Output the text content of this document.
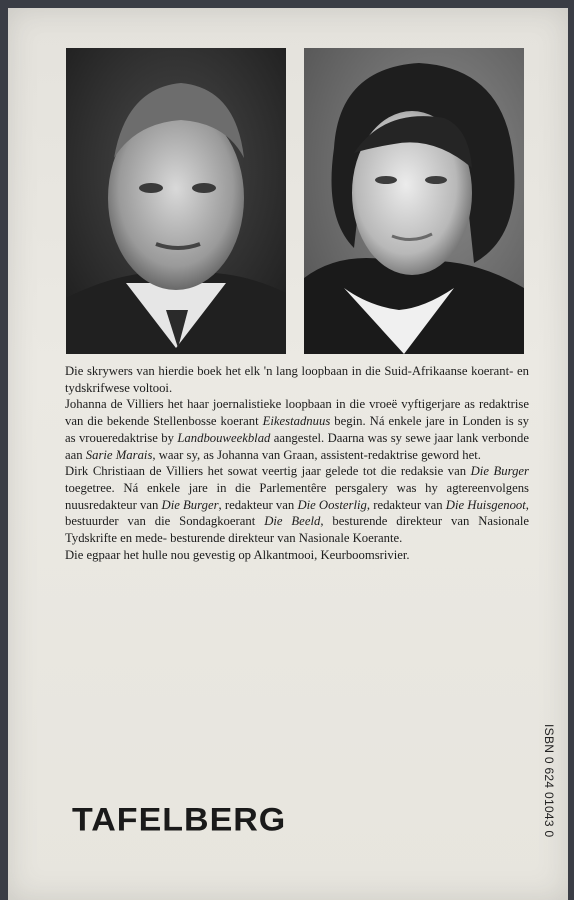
Die skrywers van hierdie boek het elk 'n lang loopbaan in die Suid-Afrikaanse koerant- en tydskrifwese voltooi.

Johanna de Villiers het haar joernalistieke loopbaan in die vroeë vyftigerjare as redaktrise van die bekende Stellenbosse koerant Eikestadnuus begin. Ná enkele jare in Londen is sy as vroueredaktrise by Landbouweekblad aangestel. Daarna was sy sewe jaar lank verbonde aan Sarie Marais, waar sy, as Johanna van Graan, assistent-redaktrise geword het.

Dirk Christiaan de Villiers het sowat veertig jaar gelede tot die redaksie van Die Burger toegetree. Ná enkele jare in die Parlementêre persgalery was hy agtereenvolgens nuusredakteur van Die Burger, redakteur van Die Oosterlig, redakteur van Die Huisgenoot, bestuurder van die Sondagkoerant Die Beeld, besturende direkteur van Nasionale Tydskrifte en mede- besturende direkteur van Nasionale Koerante.

Die egpaar het hulle nou gevestig op Alkantmooi, Keurboomsrivier.

TAFELBERG	ISBN 0 624 01043 0
